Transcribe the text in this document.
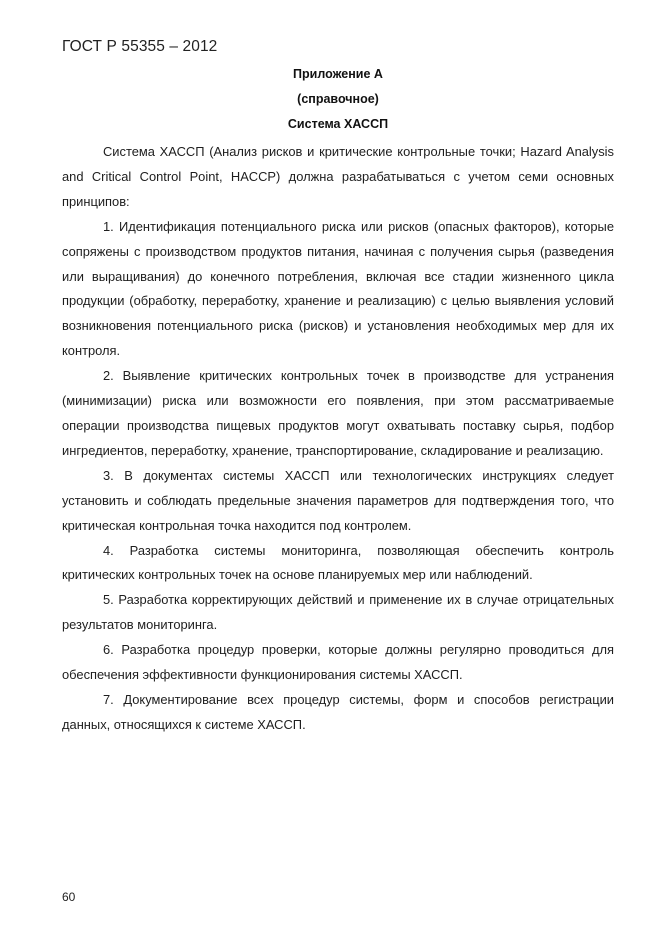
ГОСТ Р 55355 – 2012
Приложение А
(справочное)
Система ХАССП

Система ХАССП (Анализ рисков и критические контрольные точки; Hazard Analysis and Critical Control Point, HACCP) должна разрабатываться с учетом семи основных принципов:

1. Идентификация потенциального риска или рисков (опасных факторов), которые сопряжены с производством продуктов питания, начиная с получения сырья (разведения или выращивания) до конечного потребления, включая все стадии жизненного цикла продукции (обработку, переработку, хранение и реализацию) с целью выявления условий возникновения потенциального риска (рисков) и установления необходимых мер для их контроля.

2. Выявление критических контрольных точек в производстве для устранения (минимизации) риска или возможности его появления, при этом рассматриваемые операции производства пищевых продуктов могут охватывать поставку сырья, подбор ингредиентов, переработку, хранение, транспортирование, складирование и реализацию.

3. В документах системы ХАССП или технологических инструкциях следует установить и соблюдать предельные значения параметров для подтверждения того, что критическая контрольная точка находится под контролем.

4. Разработка системы мониторинга, позволяющая обеспечить контроль критических контрольных точек на основе планируемых мер или наблюдений.

5. Разработка корректирующих действий и применение их в случае отрицательных результатов мониторинга.

6. Разработка процедур проверки, которые должны регулярно проводиться для обеспечения эффективности функционирования системы ХАССП.

7. Документирование всех процедур системы, форм и способов регистрации данных, относящихся к системе ХАССП.

60
